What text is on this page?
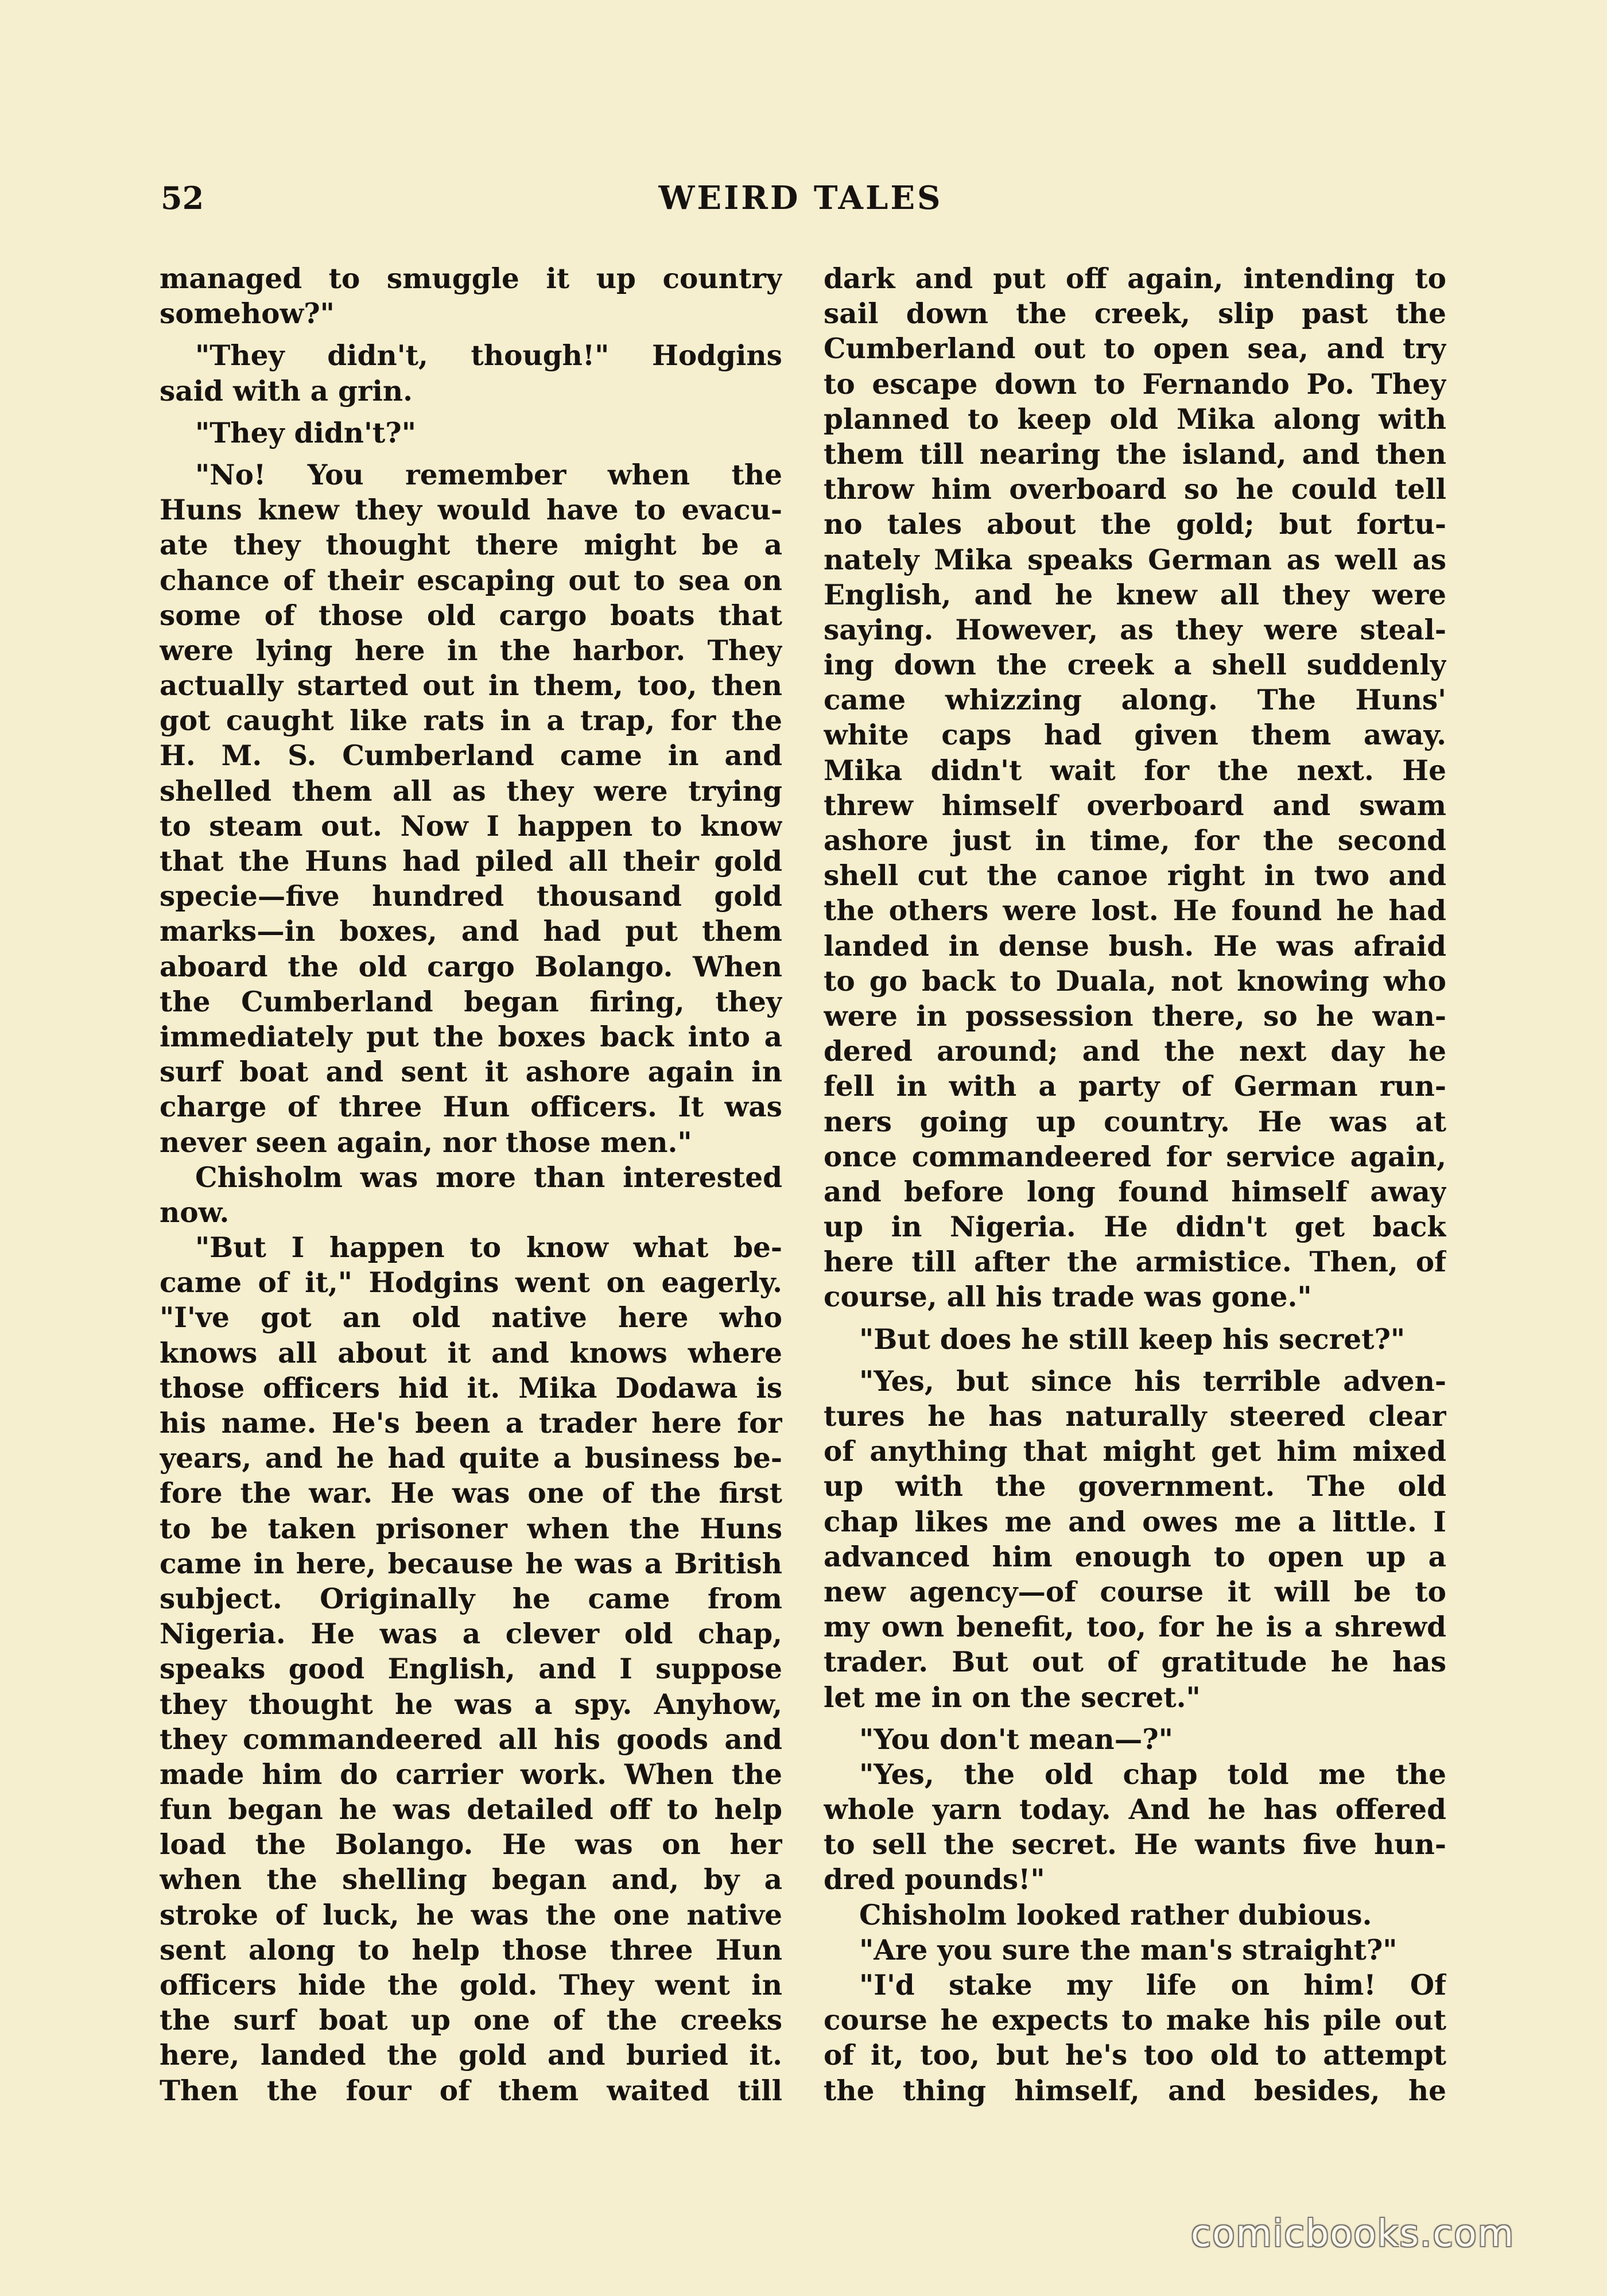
52	WEIRD TALES
managed to smuggle it up country
somehow?"
"They didn't, though!" Hodgins
said with a grin.
"They didn't?"
"No! You remember when the
Huns knew they would have to evacu-
ate they thought there might be a
chance of their escaping out to sea on
some of those old cargo boats that
were lying here in the harbor. They
actually started out in them, too, then
got caught like rats in a trap, for the
H. M. S. Cumberland came in and
shelled them all as they were trying
to steam out. Now I happen to know
that the Huns had piled all their gold
specie—five hundred thousand gold
marks—in boxes, and had put them
aboard the old cargo Bolango. When
the Cumberland began firing, they
immediately put the boxes back into a
surf boat and sent it ashore again in
charge of three Hun officers. It was
never seen again, nor those men."
Chisholm was more than interested
now.
"But I happen to know what be-
came of it," Hodgins went on eagerly.
"I've got an old native here who
knows all about it and knows where
those officers hid it. Mika Dodawa is
his name. He's been a trader here for
years, and he had quite a business be-
fore the war. He was one of the first
to be taken prisoner when the Huns
came in here, because he was a British
subject. Originally he came from
Nigeria. He was a clever old chap,
speaks good English, and I suppose
they thought he was a spy. Anyhow,
they commandeered all his goods and
made him do carrier work. When the
fun began he was detailed off to help
load the Bolango. He was on her
when the shelling began and, by a
stroke of luck, he was the one native
sent along to help those three Hun
officers hide the gold. They went in
the surf boat up one of the creeks
here, landed the gold and buried it.
Then the four of them waited till
dark and put off again, intending to
sail down the creek, slip past the
Cumberland out to open sea, and try
to escape down to Fernando Po. They
planned to keep old Mika along with
them till nearing the island, and then
throw him overboard so he could tell
no tales about the gold; but fortu-
nately Mika speaks German as well as
English, and he knew all they were
saying. However, as they were steal-
ing down the creek a shell suddenly
came whizzing along. The Huns'
white caps had given them away.
Mika didn't wait for the next. He
threw himself overboard and swam
ashore just in time, for the second
shell cut the canoe right in two and
the others were lost. He found he had
landed in dense bush. He was afraid
to go back to Duala, not knowing who
were in possession there, so he wan-
dered around; and the next day he
fell in with a party of German run-
ners going up country. He was at
once commandeered for service again,
and before long found himself away
up in Nigeria. He didn't get back
here till after the armistice. Then, of
course, all his trade was gone."
"But does he still keep his secret?"
"Yes, but since his terrible adven-
tures he has naturally steered clear
of anything that might get him mixed
up with the government. The old
chap likes me and owes me a little. I
advanced him enough to open up a
new agency—of course it will be to
my own benefit, too, for he is a shrewd
trader. But out of gratitude he has
let me in on the secret."
"You don't mean—?"
"Yes, the old chap told me the
whole yarn today. And he has offered
to sell the secret. He wants five hun-
dred pounds!"
Chisholm looked rather dubious.
"Are you sure the man's straight?"
"I'd stake my life on him! Of
course he expects to make his pile out
of it, too, but he's too old to attempt
the thing himself, and besides, he
comicbooks.com
